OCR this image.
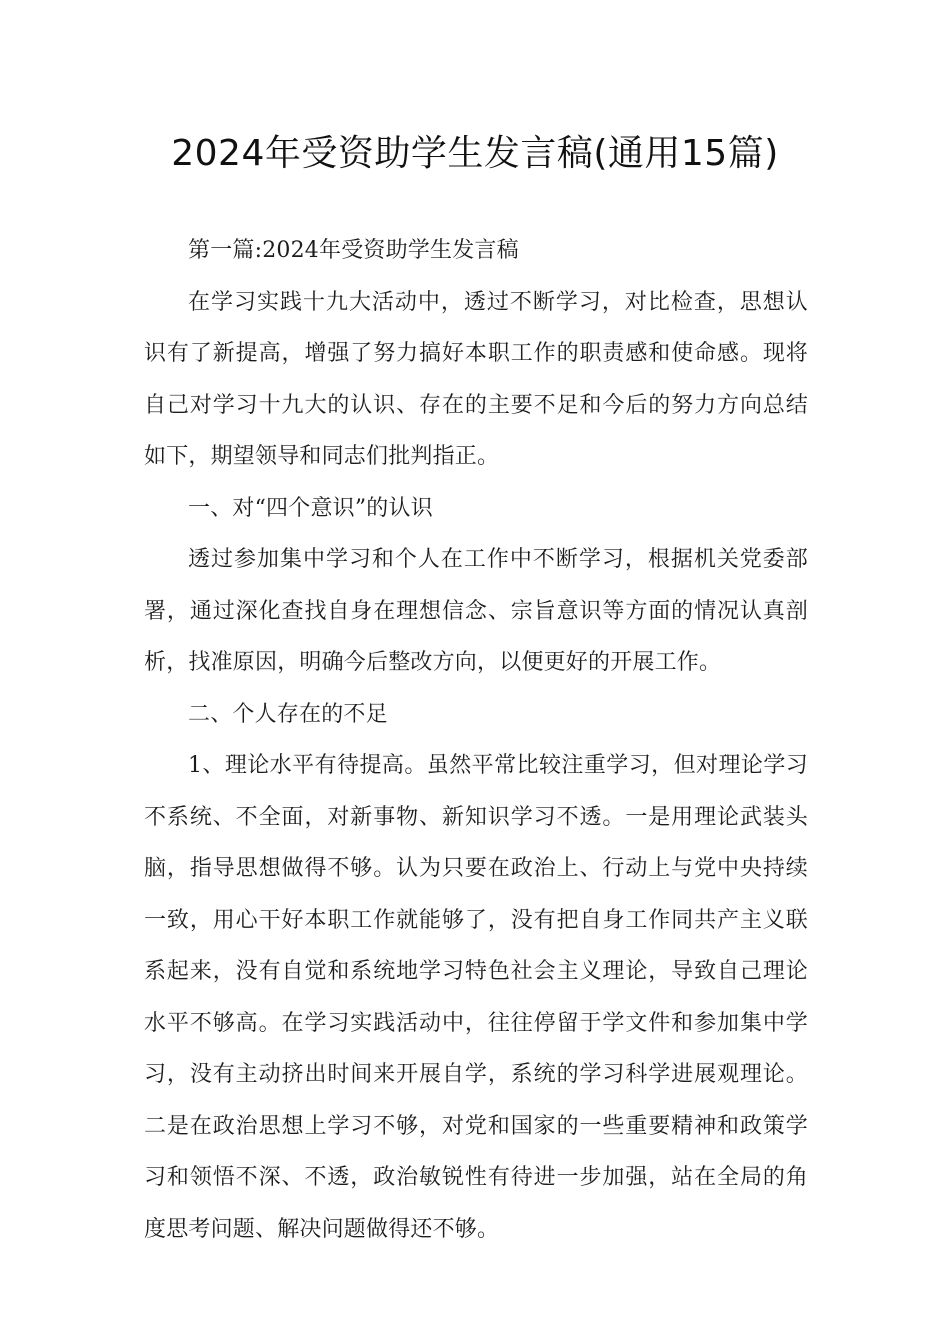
2024年受资助学生发言稿(通用15篇)

第一篇:2024年受资助学生发言稿

在学习实践十九大活动中，透过不断学习，对比检查，思想认识有了新提高，增强了努力搞好本职工作的职责感和使命感。现将自己对学习十九大的认识、存在的主要不足和今后的努力方向总结如下，期望领导和同志们批判指正。

一、对“四个意识”的认识

透过参加集中学习和个人在工作中不断学习，根据机关党委部署，通过深化查找自身在理想信念、宗旨意识等方面的情况认真剖析，找准原因，明确今后整改方向，以便更好的开展工作。

二、个人存在的不足

1、理论水平有待提高。虽然平常比较注重学习，但对理论学习不系统、不全面，对新事物、新知识学习不透。一是用理论武装头脑，指导思想做得不够。认为只要在政治上、行动上与党中央持续一致，用心干好本职工作就能够了，没有把自身工作同共产主义联系起来，没有自觉和系统地学习特色社会主义理论，导致自己理论水平不够高。在学习实践活动中，往往停留于学文件和参加集中学习，没有主动挤出时间来开展自学，系统的学习科学进展观理论。二是在政治思想上学习不够，对党和国家的一些重要精神和政策学习和领悟不深、不透，政治敏锐性有待进一步加强，站在全局的角度思考问题、解决问题做得还不够。
